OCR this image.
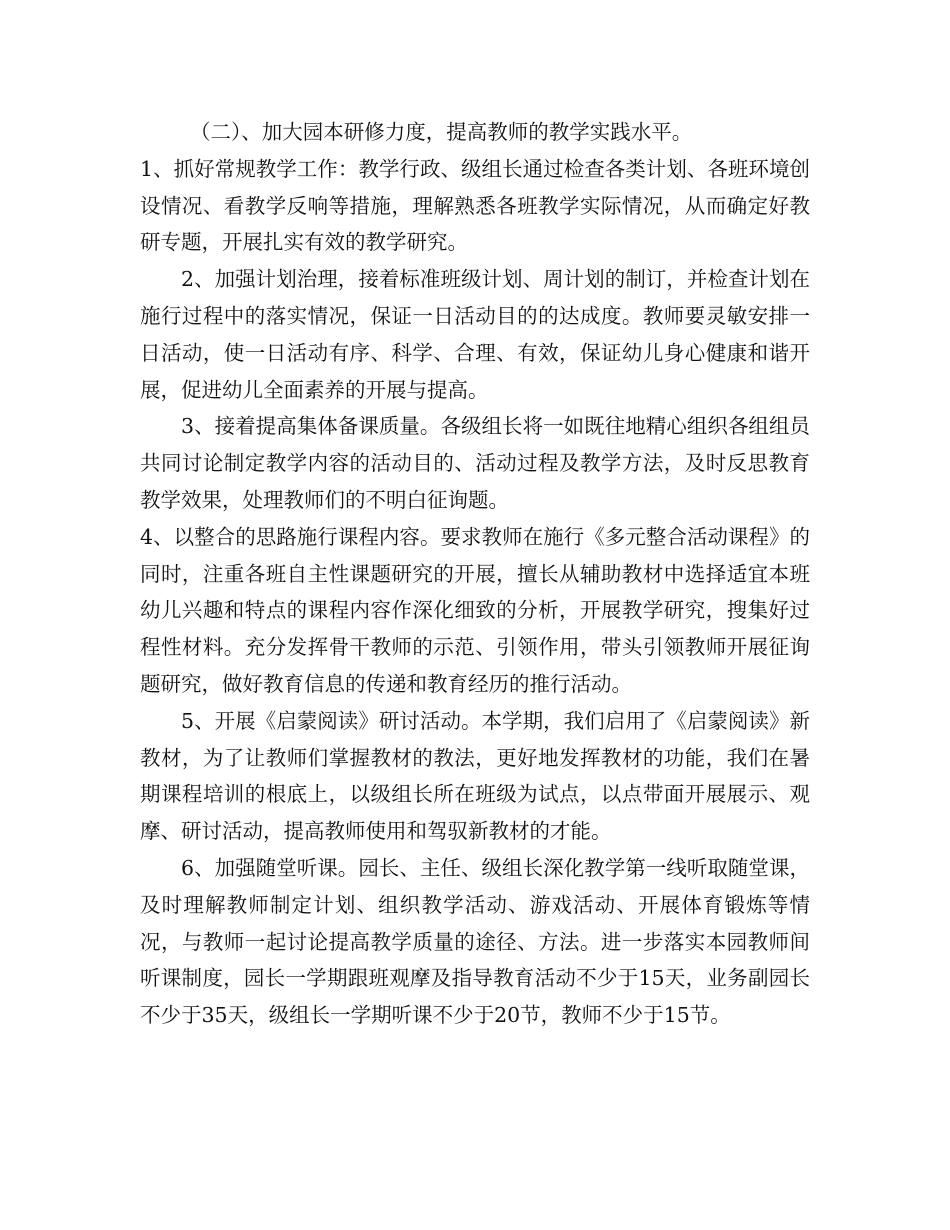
（二）、加大园本研修力度，提高教师的教学实践水平。

1、抓好常规教学工作：教学行政、级组长通过检查各类计划、各班环境创设情况、看教学反响等措施，理解熟悉各班教学实际情况，从而确定好教研专题，开展扎实有效的教学研究。

2、加强计划治理，接着标准班级计划、周计划的制订，并检查计划在施行过程中的落实情况，保证一日活动目的的达成度。教师要灵敏安排一日活动，使一日活动有序、科学、合理、有效，保证幼儿身心健康和谐开展，促进幼儿全面素养的开展与提高。

3、接着提高集体备课质量。各级组长将一如既往地精心组织各组组员共同讨论制定教学内容的活动目的、活动过程及教学方法，及时反思教育教学效果，处理教师们的不明白征询题。

4、以整合的思路施行课程内容。要求教师在施行《多元整合活动课程》的同时，注重各班自主性课题研究的开展，擅长从辅助教材中选择适宜本班幼儿兴趣和特点的课程内容作深化细致的分析，开展教学研究，搜集好过程性材料。充分发挥骨干教师的示范、引领作用，带头引领教师开展征询题研究，做好教育信息的传递和教育经历的推行活动。

5、开展《启蒙阅读》研讨活动。本学期，我们启用了《启蒙阅读》新教材，为了让教师们掌握教材的教法，更好地发挥教材的功能，我们在暑期课程培训的根底上，以级组长所在班级为试点，以点带面开展展示、观摩、研讨活动，提高教师使用和驾驭新教材的才能。

6、加强随堂听课。园长、主任、级组长深化教学第一线听取随堂课，及时理解教师制定计划、组织教学活动、游戏活动、开展体育锻炼等情况，与教师一起讨论提高教学质量的途径、方法。进一步落实本园教师间听课制度，园长一学期跟班观摩及指导教育活动不少于15天，业务副园长不少于35天，级组长一学期听课不少于20节，教师不少于15节。
